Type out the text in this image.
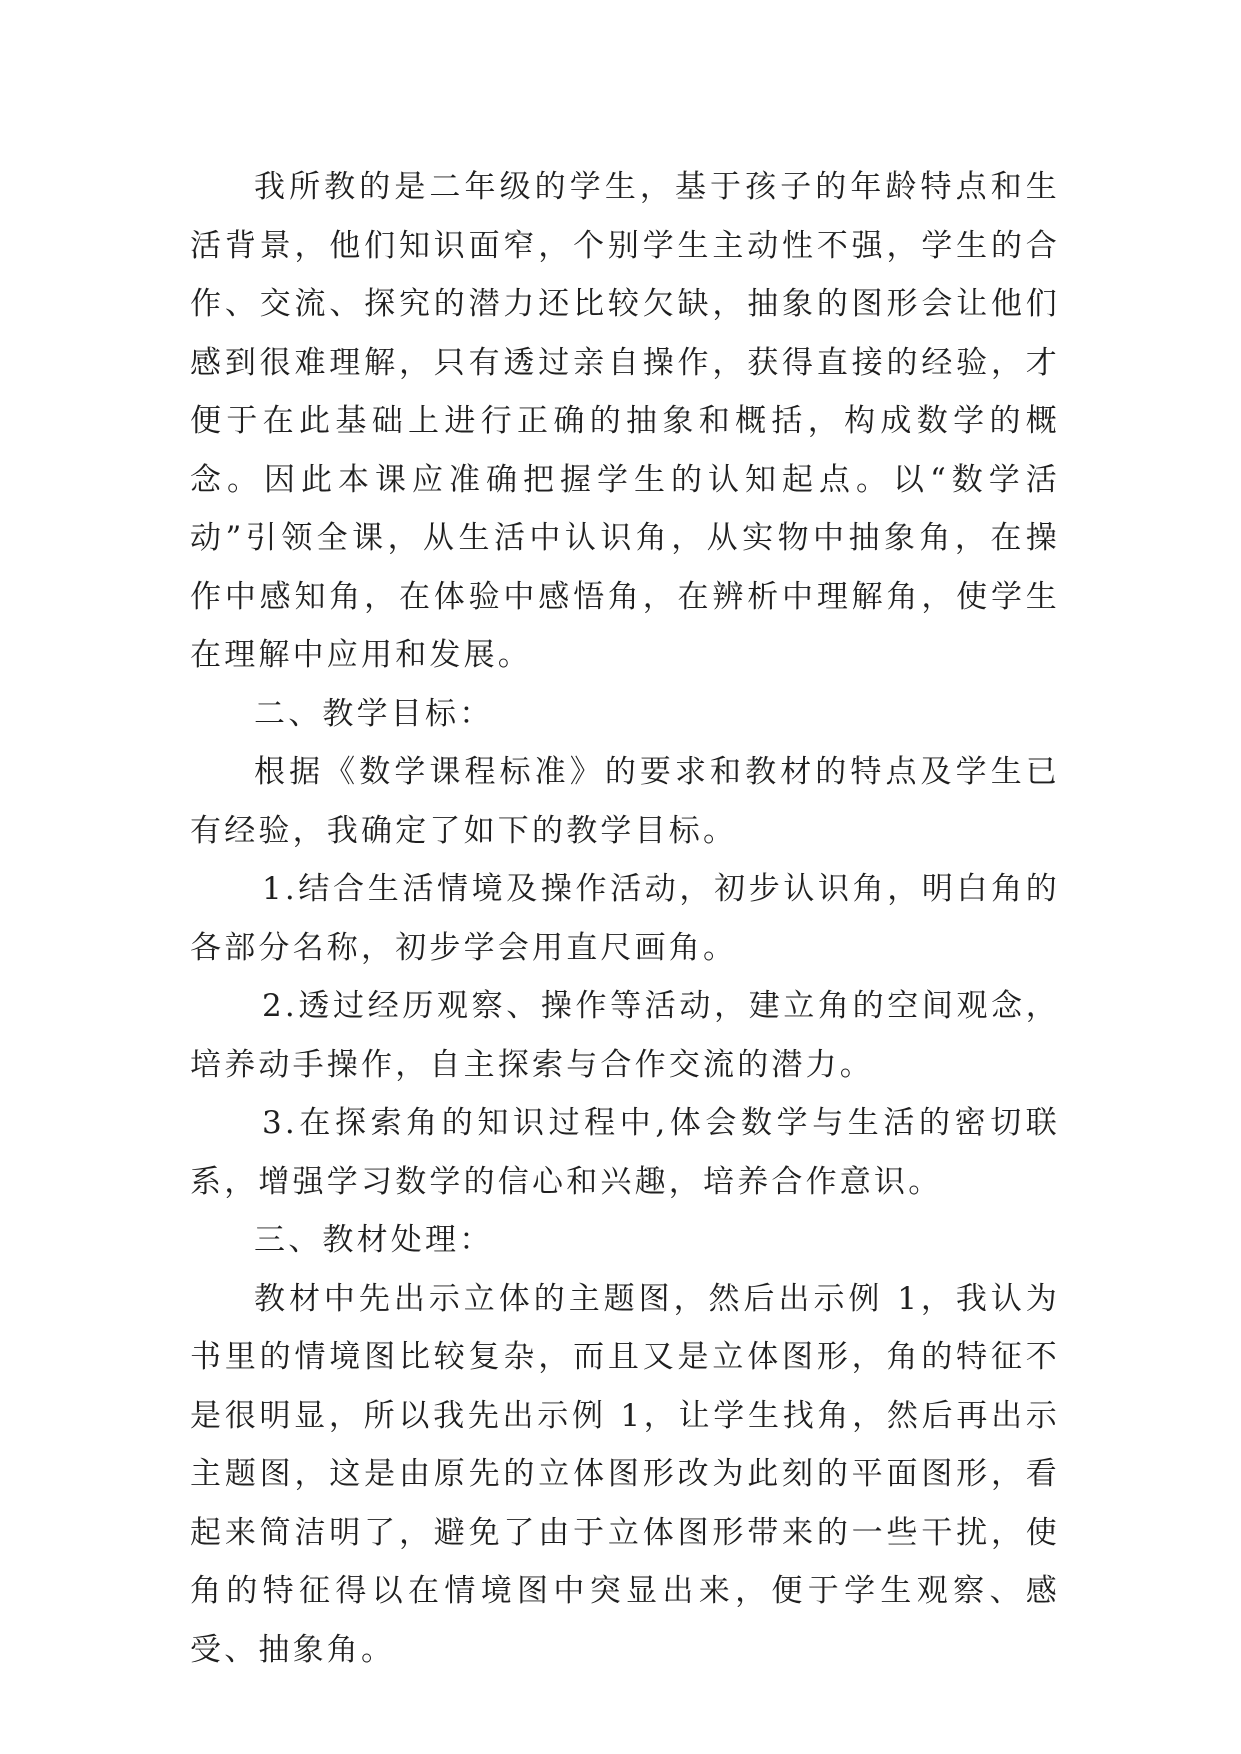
我所教的是二年级的学生，基于孩子的年龄特点和生活背景，他们知识面窄，个别学生主动性不强，学生的合作、交流、探究的潜力还比较欠缺，抽象的图形会让他们感到很难理解，只有透过亲自操作，获得直接的经验，才便于在此基础上进行正确的抽象和概括，构成数学的概念。因此本课应准确把握学生的认知起点。以“数学活动”引领全课，从生活中认识角，从实物中抽象角，在操作中感知角，在体验中感悟角，在辨析中理解角，使学生在理解中应用和发展。

二、教学目标：

根据《数学课程标准》的要求和教材的特点及学生已有经验，我确定了如下的教学目标。

1.结合生活情境及操作活动，初步认识角，明白角的各部分名称，初步学会用直尺画角。

2.透过经历观察、操作等活动，建立角的空间观念，培养动手操作，自主探索与合作交流的潜力。

3.在探索角的知识过程中,体会数学与生活的密切联系，增强学习数学的信心和兴趣，培养合作意识。

三、教材处理：

教材中先出示立体的主题图，然后出示例 1，我认为书里的情境图比较复杂，而且又是立体图形，角的特征不是很明显，所以我先出示例 1，让学生找角，然后再出示主题图，这是由原先的立体图形改为此刻的平面图形，看起来简洁明了，避免了由于立体图形带来的一些干扰，使角的特征得以在情境图中突显出来，便于学生观察、感受、抽象角。
